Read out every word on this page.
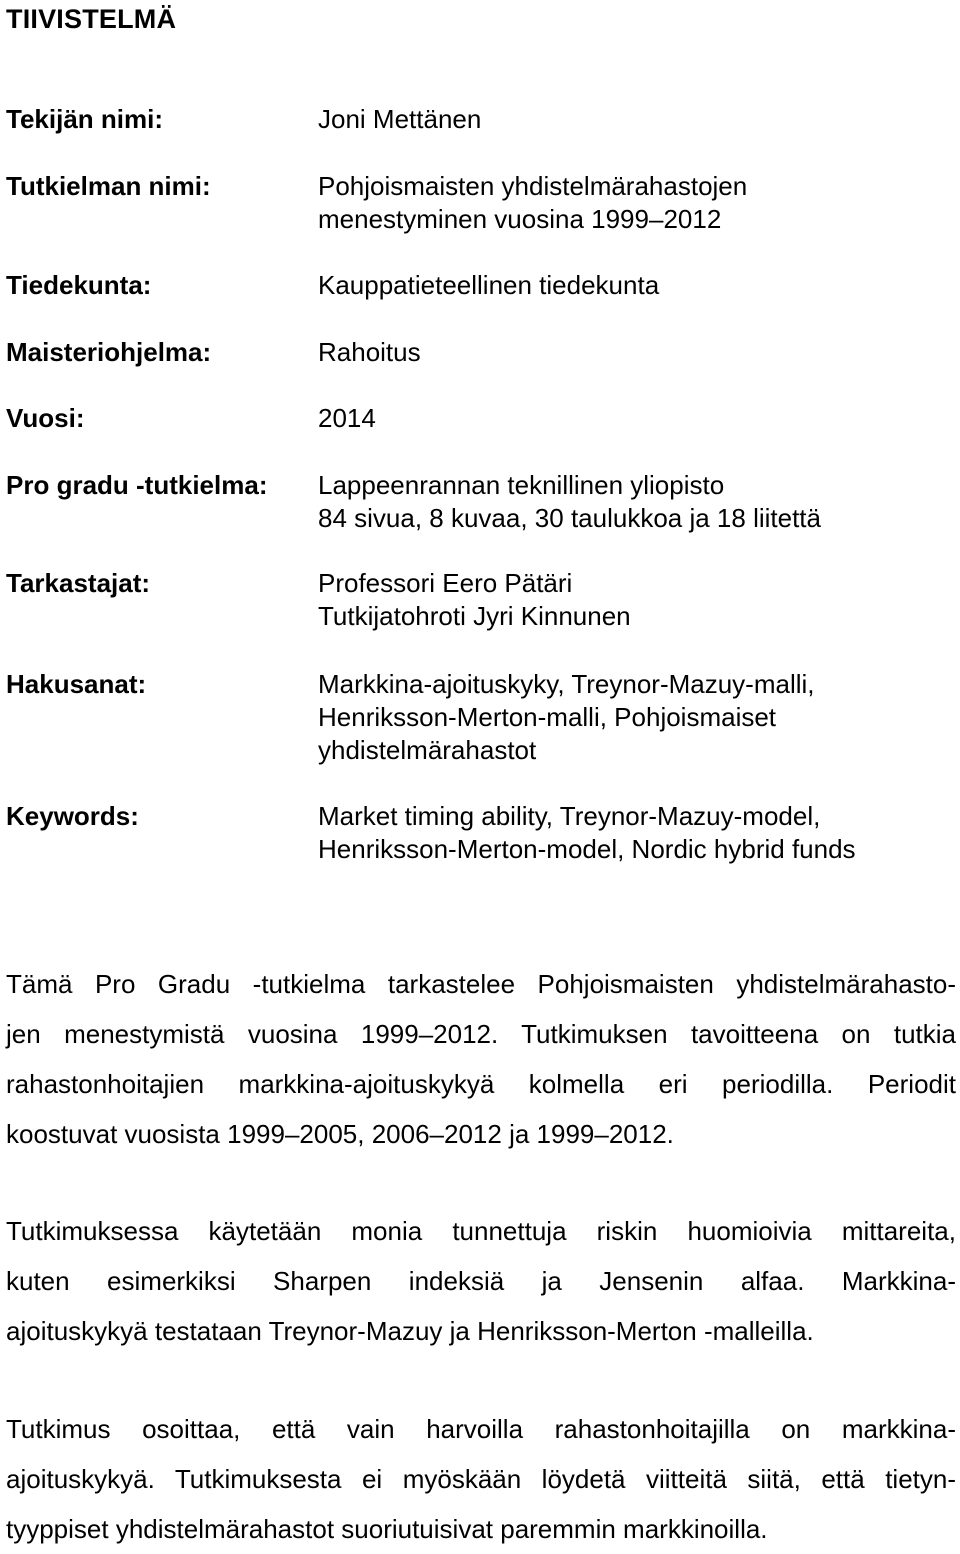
TIIVISTELMÄ
Tekijän nimi:	Joni Mettänen
Tutkielman nimi:	Pohjoismaisten yhdistelmärahastojen
menestyminen vuosina 1999–2012
Tiedekunta:	Kauppatieteellinen tiedekunta
Maisteriohjelma:	Rahoitus
Vuosi:	2014
Pro gradu -tutkielma: Lappeenrannan teknillinen yliopisto
84 sivua, 8 kuvaa, 30 taulukkoa ja 18 liitettä
Tarkastajat:	Professori Eero Pätäri
Tutkijatohroti Jyri Kinnunen
Hakusanat:	Markkina-ajoituskyky, Treynor-Mazuy-malli,
Henriksson-Merton-malli, Pohjoismaiset
yhdistelmärahastot
Keywords:	Market timing ability, Treynor-Mazuy-model,
Henriksson-Merton-model, Nordic hybrid funds
Tämä Pro Gradu -tutkielma tarkastelee Pohjoismaisten yhdistelmärahasto-
jen menestymistä vuosina 1999–2012. Tutkimuksen tavoitteena on tutkia
rahastonhoitajien markkina-ajoituskykyä kolmella eri periodilla. Periodit
koostuvat vuosista 1999–2005, 2006–2012 ja 1999–2012.
Tutkimuksessa käytetään monia tunnettuja riskin huomioivia mittareita,
kuten esimerkiksi Sharpen indeksiä ja Jensenin alfaa. Markkina-
ajoituskykyä testataan Treynor-Mazuy ja Henriksson-Merton -malleilla.
Tutkimus osoittaa, että vain harvoilla rahastonhoitajilla on markkina-
ajoituskykyä. Tutkimuksesta ei myöskään löydetä viitteitä siitä, että tietyn-
tyyppiset yhdistelmärahastot suoriutuisivat paremmin markkinoilla.
